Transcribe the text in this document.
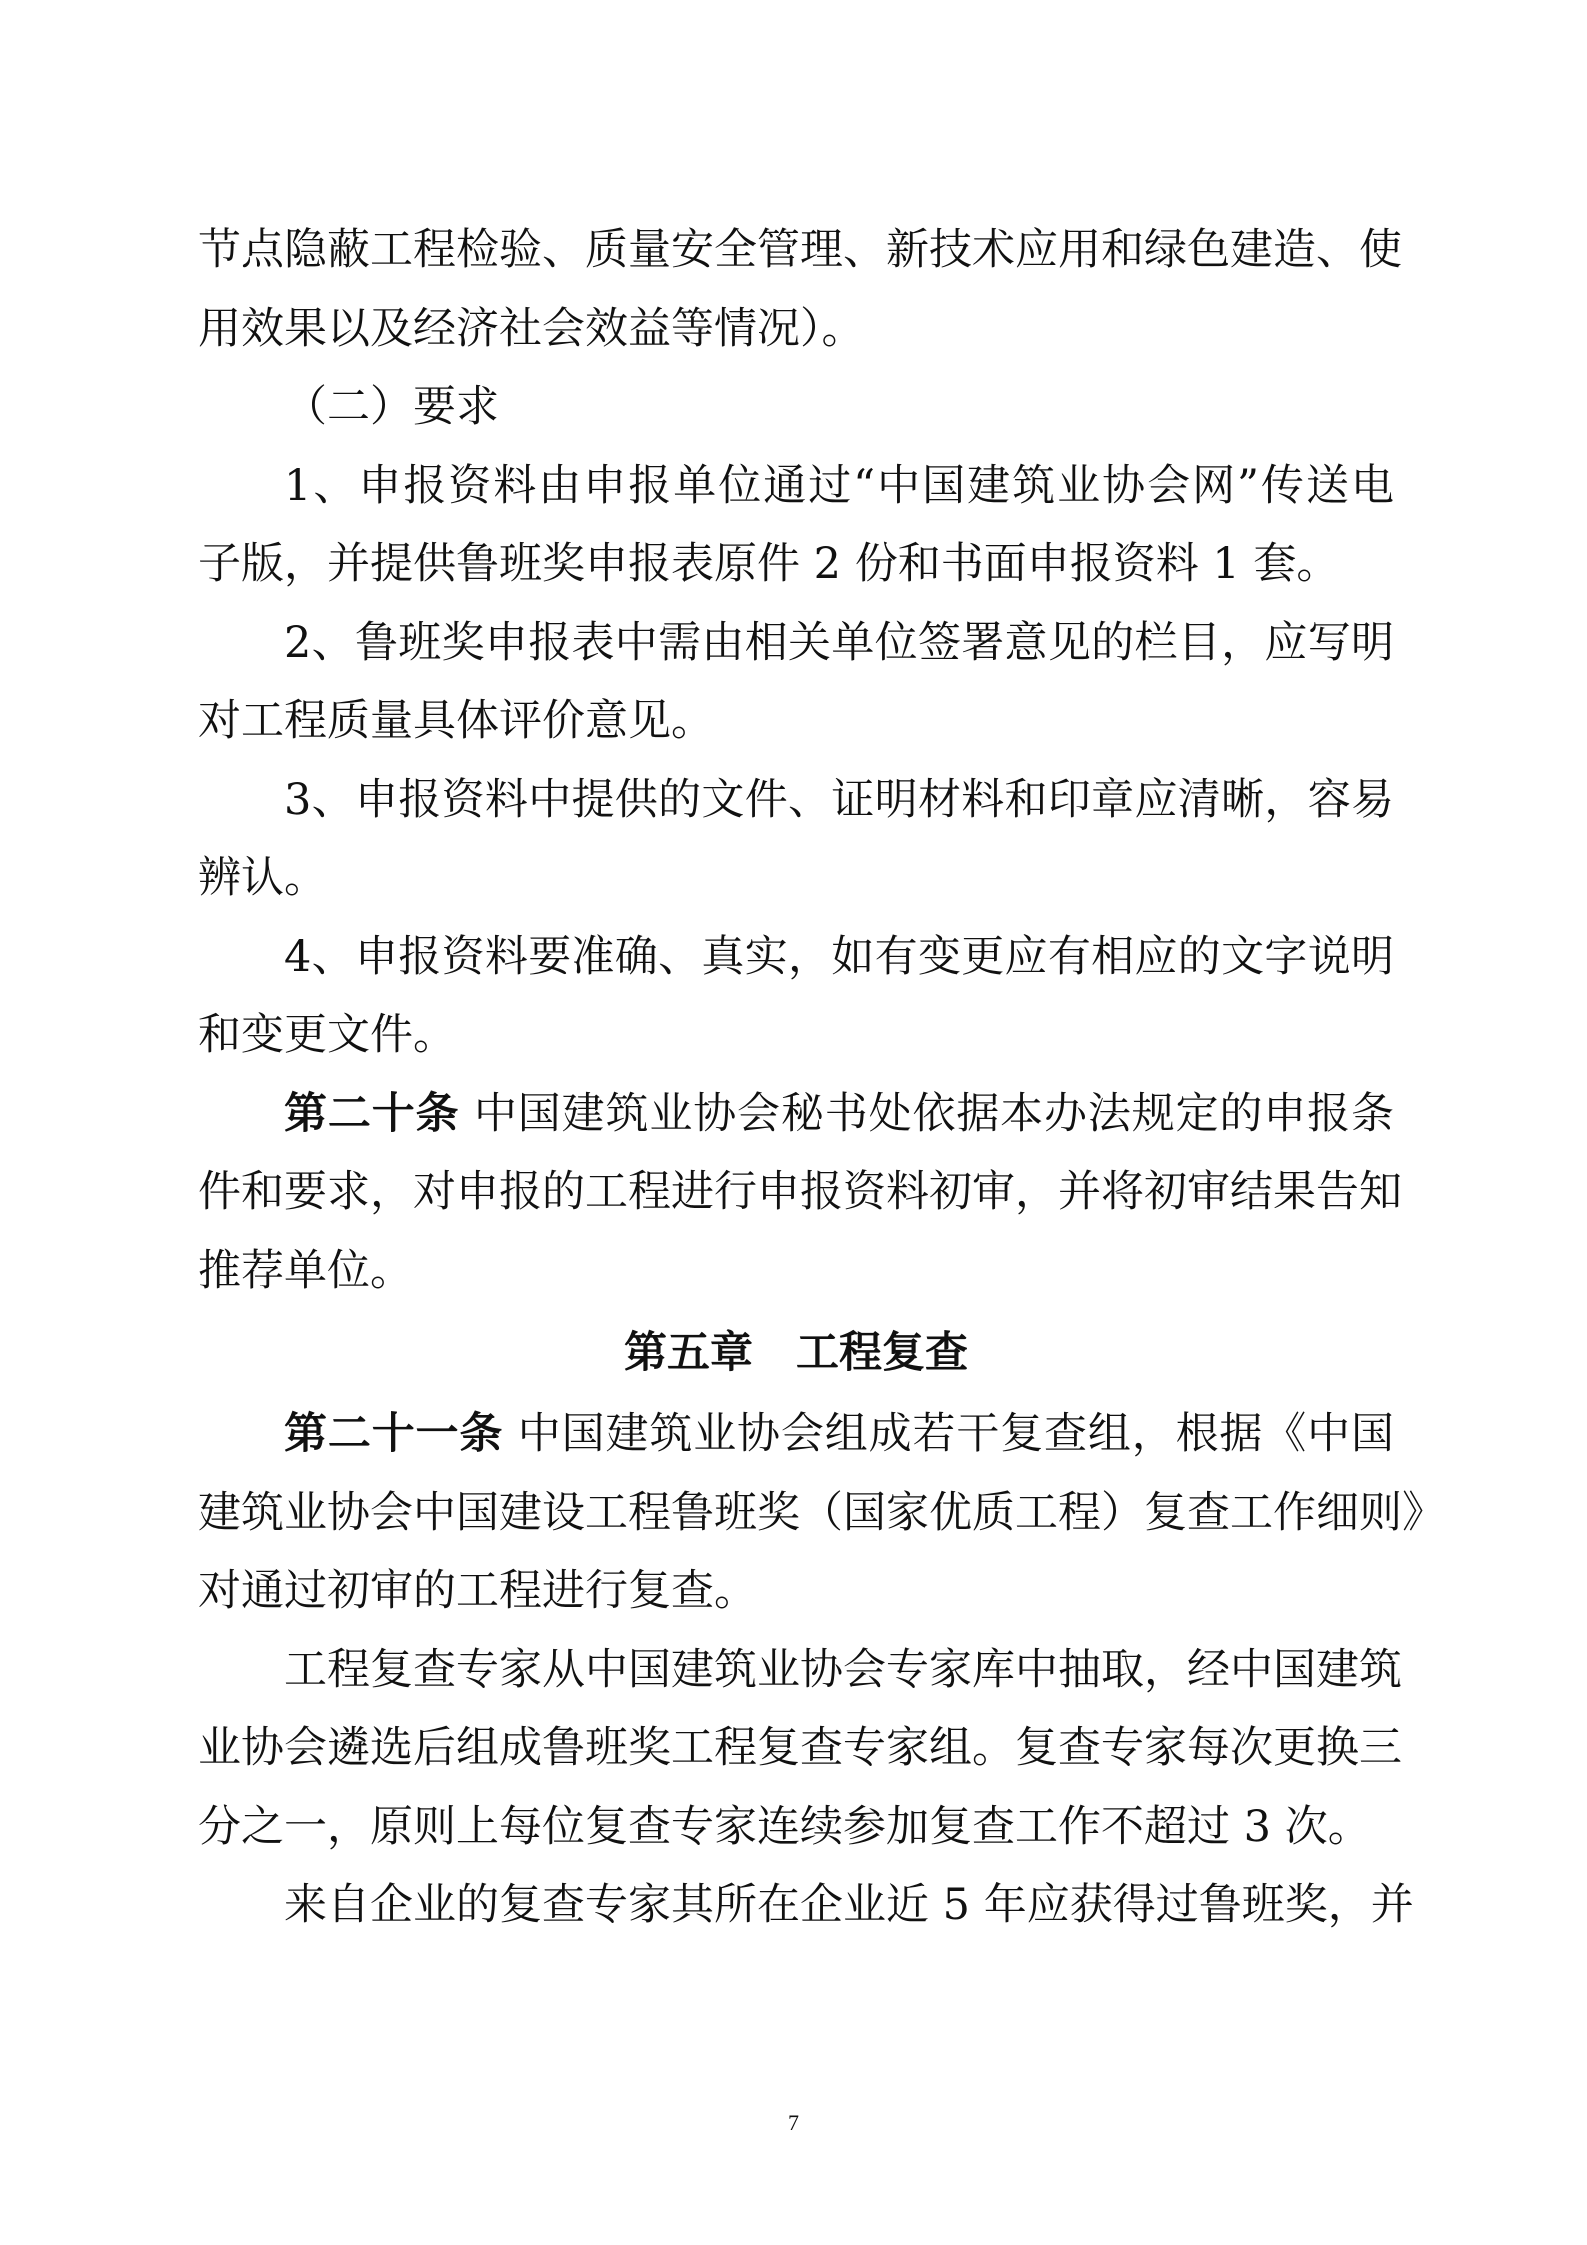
节点隐蔽工程检验、质量安全管理、新技术应用和绿色建造、使
用效果以及经济社会效益等情况）。
（二）要求
1、申报资料由申报单位通过“中国建筑业协会网”传送电
子版，并提供鲁班奖申报表原件 2 份和书面申报资料 1 套。
2、鲁班奖申报表中需由相关单位签署意见的栏目，应写明
对工程质量具体评价意见。
3、申报资料中提供的文件、证明材料和印章应清晰，容易
辨认。
4、申报资料要准确、真实，如有变更应有相应的文字说明
和变更文件。
第二十条 中国建筑业协会秘书处依据本办法规定的申报条
件和要求，对申报的工程进行申报资料初审，并将初审结果告知
推荐单位。
第五章　工程复查
第二十一条 中国建筑业协会组成若干复查组，根据《中国
建筑业协会中国建设工程鲁班奖（国家优质工程）复查工作细则》
对通过初审的工程进行复查。
工程复查专家从中国建筑业协会专家库中抽取，经中国建筑
业协会遴选后组成鲁班奖工程复查专家组。复查专家每次更换三
分之一，原则上每位复查专家连续参加复查工作不超过 3 次。
来自企业的复查专家其所在企业近 5 年应获得过鲁班奖，并
7
